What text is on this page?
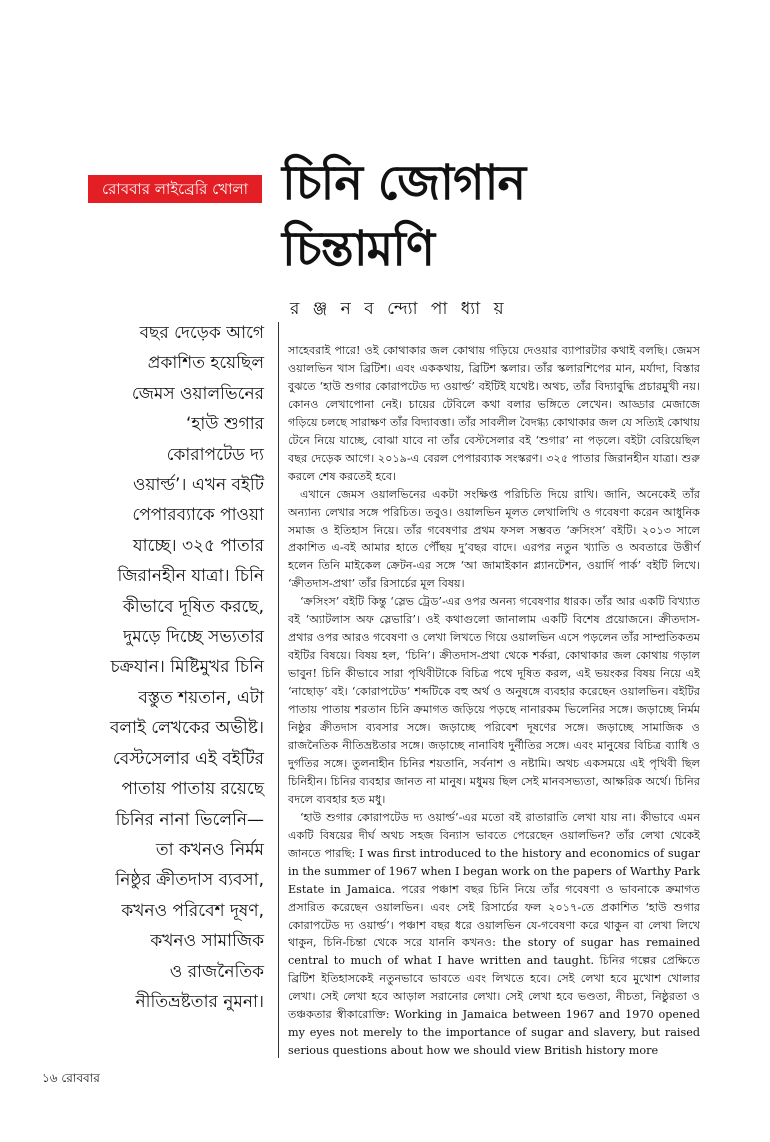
রোববার লাইব্রেরি খোলা চিনি জোগান
চিন্তামণি
র ঞ্জ ন ব ন্দ্যো পা ধ্যা য়
বছর দেড়েক আগে
প্রকাশিত হয়েছিল
জেমস ওয়ালভিনের
‘হাউ শুগার
কোরাপটেড দ্য
ওয়ার্ল্ড’। এখন বইটি
পেপারব্যাকে পাওয়া
যাচ্ছে। ৩২৫ পাতার
জিরানহীন যাত্রা। চিনি
কীভাবে দূষিত করছে,
দুমড়ে দিচ্ছে সভ্যতার
চক্রযান। মিষ্টিমুখর চিনি
বস্তুত শয়তান, এটা
বলাই লেখকের অভীষ্ট।
বেস্টসেলার এই বইটির
পাতায় পাতায় রয়েছে
চিনির নানা ভিলেনি—
তা কখনও নির্মম
নিষ্ঠুর ক্রীতদাস ব্যবসা,
কখনও পরিবেশ দূষণ,
কখনও সামাজিক
ও রাজনৈতিক
নীতিভ্রষ্টতার নুমনা।

সাহেবরাই পারে! ওই কোথাকার জল কোথায় গড়িয়ে দেওয়ার ব্যাপারটার কথাই বলছি। জেমস ওয়ালভিন খাস ব্রিটিশ। এবং এককথায়, ব্রিটিশ স্কলার। তাঁর স্কলারশিপের মান, মর্যাদা, বিস্তার বুঝতে ‘হাউ শুগার কোরাপটেড দ্য ওয়ার্ল্ড’ বইটিই যথেষ্ট। অথচ, তাঁর বিদ্যাবুদ্ধি প্রচারমুখী নয়। কোনও লেখাপোনা নেই। চায়ের টেবিলে কথা বলার ভঙ্গিতে লেখেন। আড্ডার মেজাজে গড়িয়ে চলছে সারাক্ষণ তাঁর বিদ্যাবত্তা। তাঁর সাবলীল বৈদগ্ধ্য কোথাকার জল যে সত্যিই কোথায় টেনে নিয়ে যাচ্ছে, বোঝা যাবে না তাঁর বেস্টসেলার বই ‘শুগার’ না পড়লে। বইটা বেরিয়েছিল বছর দেড়েক আগে। ২০১৯-এ বেরল পেপারব্যাক সংস্করণ। ৩২৫ পাতার জিরানহীন যাত্রা। শুরু করলে শেষ করতেই হবে।

এখানে জেমস ওয়ালভিনের একটা সংক্ষিপ্ত পরিচিতি দিয়ে রাখি। জানি, অনেকেই তাঁর অন্যান্য লেখার সঙ্গে পরিচিত। তবুও। ওয়ালভিন মূলত লেখালিখি ও গবেষণা করেন আধুনিক সমাজ ও ইতিহাস নিয়ে। তাঁর গবেষণার প্রথম ফসল সম্ভবত ‘ক্রসিংস’ বইটি। ২০১৩ সালে প্রকাশিত এ-বই আমার হাতে পৌঁছয় দু’বছর বাদে। এরপর নতুন খ্যাতি ও অবতারে উত্তীর্ণ হলেন তিনি মাইকেল ক্রেটন-এর সঙ্গে ‘আ জামাইকান প্ল্যানটেশন, ওয়ার্দি পার্ক’ বইটি লিখে। ‘ক্রীতদাস-প্রথা’ তাঁর রিসার্চের মূল বিষয়।

‘ক্রসিংস’ বইটি কিন্তু ‘স্লেভ ট্রেড’-এর ওপর অনন্য গবেষণার ধারক। তাঁর আর একটি বিখ্যাত বই ‘অ্যাটলাস অফ স্লেভারি’। ওই কথাগুলো জানালাম একটি বিশেষ প্রয়োজনে। ক্রীতদাস-প্রথার ওপর আরও গবেষণা ও লেখা লিখতে গিয়ে ওয়ালভিন এসে পড়লেন তাঁর সাম্প্রতিকতম বইটির বিষয়ে। বিষয় হল, ‘চিনি’। ক্রীতদাস-প্রথা থেকে শর্করা, কোথাকার জল কোথায় গড়াল ভাবুন! চিনি কীভাবে সারা পৃথিবীটাকে বিচিত্র পথে দূষিত করল, এই ভয়ংকর বিষয় নিয়ে এই ‘নাছোড়’ বই। ‘কোরাপটেড’ শব্দটিকে বহু অর্থ ও অনুষঙ্গে ব্যবহার করেছেন ওয়ালভিন। বইটির পাতায় পাতায় শরতান চিনি ক্রমাগত জড়িয়ে পড়ছে নানারকম ভিলেনির সঙ্গে। জড়াচ্ছে নির্মম নিষ্ঠুর ক্রীতদাস ব্যবসার সঙ্গে। জড়াচ্ছে পরিবেশ দূষণের সঙ্গে। জড়াচ্ছে সামাজিক ও রাজনৈতিক নীতিভ্রষ্টতার সঙ্গে। জড়াচ্ছে নানাবিধ দুর্নীতির সঙ্গে। এবং মানুষের বিচিত্র ব্যাধি ও দুর্গতির সঙ্গে। তুলনাহীন চিনির শয়তানি, সর্বনাশ ও নষ্টামি। অথচ একসময়ে এই পৃথিবী ছিল চিনিহীন। চিনির ব্যবহার জানত না মানুষ। মধুময় ছিল সেই মানবসভ্যতা, আক্ষরিক অর্থে। চিনির বদলে ব্যবহার হত মধু।

‘হাউ শুগার কোরাপটেড দ্য ওয়ার্ল্ড’-এর মতো বই রাতারাতি লেখা যায় না। কীভাবে এমন একটি বিষয়ের দীর্ঘ অথচ সহজ বিন্যাস ভাবতে পেরেছেন ওয়ালভিন? তাঁর লেখা থেকেই জানতে পারছি: I was first introduced to the history and economics of sugar in the summer of 1967 when I began work on the papers of Warthy Park Estate in Jamaica. পরের পঞ্চাশ বছর চিনি নিয়ে তাঁর গবেষণা ও ভাবনাকে ক্রমাগত প্রসারিত করেছেন ওয়ালভিন। এবং সেই রিসার্চের ফল ২০১৭-তে প্রকাশিত ‘হাউ শুগার কোরাপটেড দ্য ওয়ার্ল্ড’। পঞ্চাশ বছর ধরে ওয়ালভিন যে-গবেষণা করে থাকুন বা লেখা লিখে থাকুন, চিনি-চিন্তা থেকে সরে যাননি কখনও: the story of sugar has remained central to much of what I have written and taught. চিনির গল্পের প্রেক্ষিতে ব্রিটিশ ইতিহাসকেই নতুনভাবে ভাবতে এবং লিখতে হবে। সেই লেখা হবে মুখোশ খোলার লেখা। সেই লেখা হবে আড়াল সরানোর লেখা। সেই লেখা হবে ভণ্ডতা, নীচতা, নিষ্ঠুরতা ও তঞ্চকতার স্বীকারোক্তি: Working in Jamaica between 1967 and 1970 opened my eyes not merely to the importance of sugar and slavery, but raised serious questions about how we should view British history more

১৬ রোববার
